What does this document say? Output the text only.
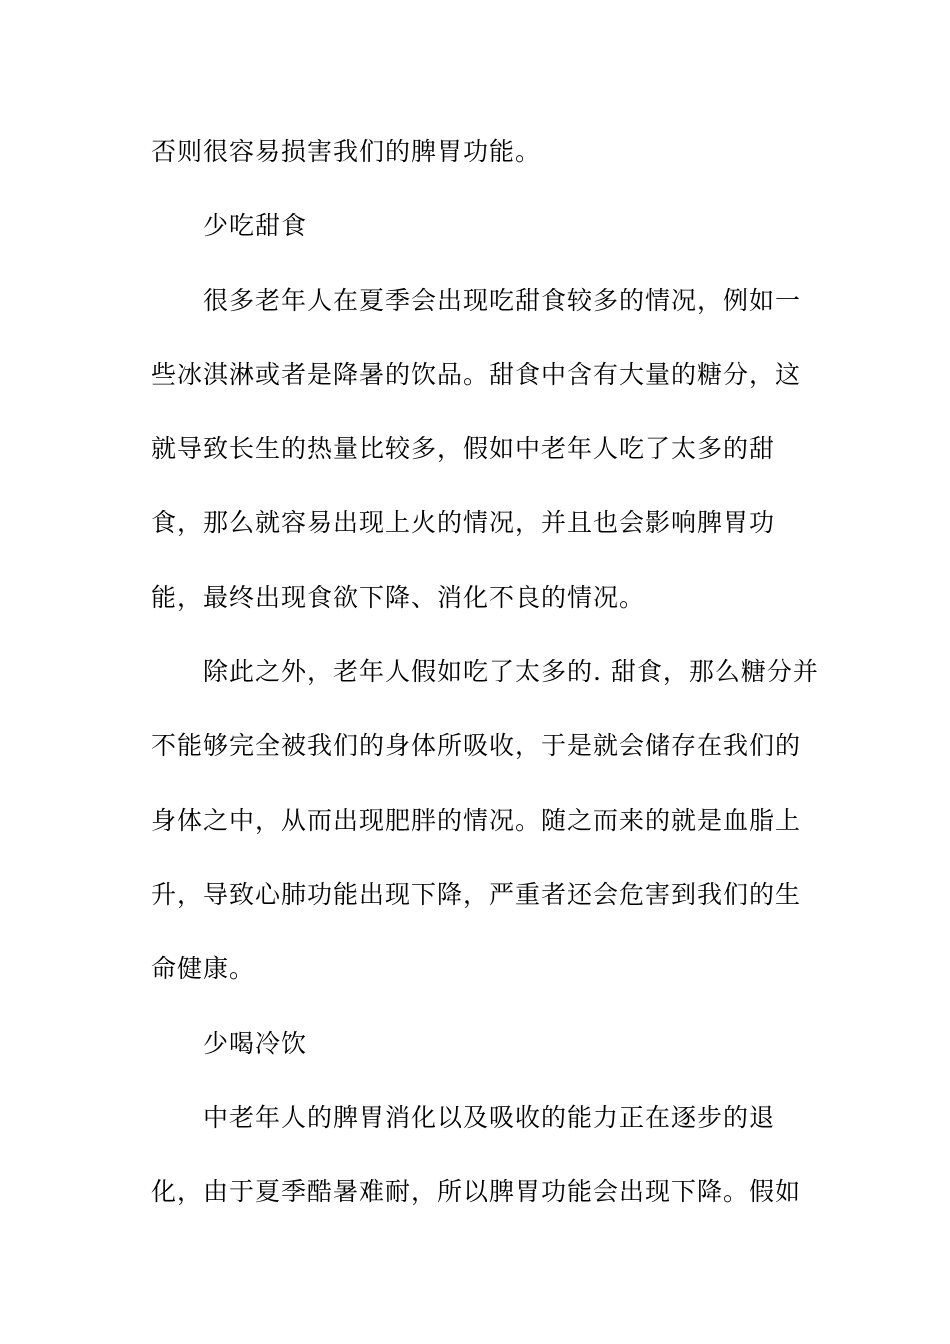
否则很容易损害我们的脾胃功能。
少吃甜食
很多老年人在夏季会出现吃甜食较多的情况，例如一
些冰淇淋或者是降暑的饮品。甜食中含有大量的糖分，这
就导致长生的热量比较多，假如中老年人吃了太多的甜
食，那么就容易出现上火的情况，并且也会影响脾胃功
能，最终出现食欲下降、消化不良的情况。
除此之外，老年人假如吃了太多的. 甜食，那么糖分并
不能够完全被我们的身体所吸收，于是就会储存在我们的
身体之中，从而出现肥胖的情况。随之而来的就是血脂上
升，导致心肺功能出现下降，严重者还会危害到我们的生
命健康。
少喝冷饮
中老年人的脾胃消化以及吸收的能力正在逐步的退
化，由于夏季酷暑难耐，所以脾胃功能会出现下降。假如
